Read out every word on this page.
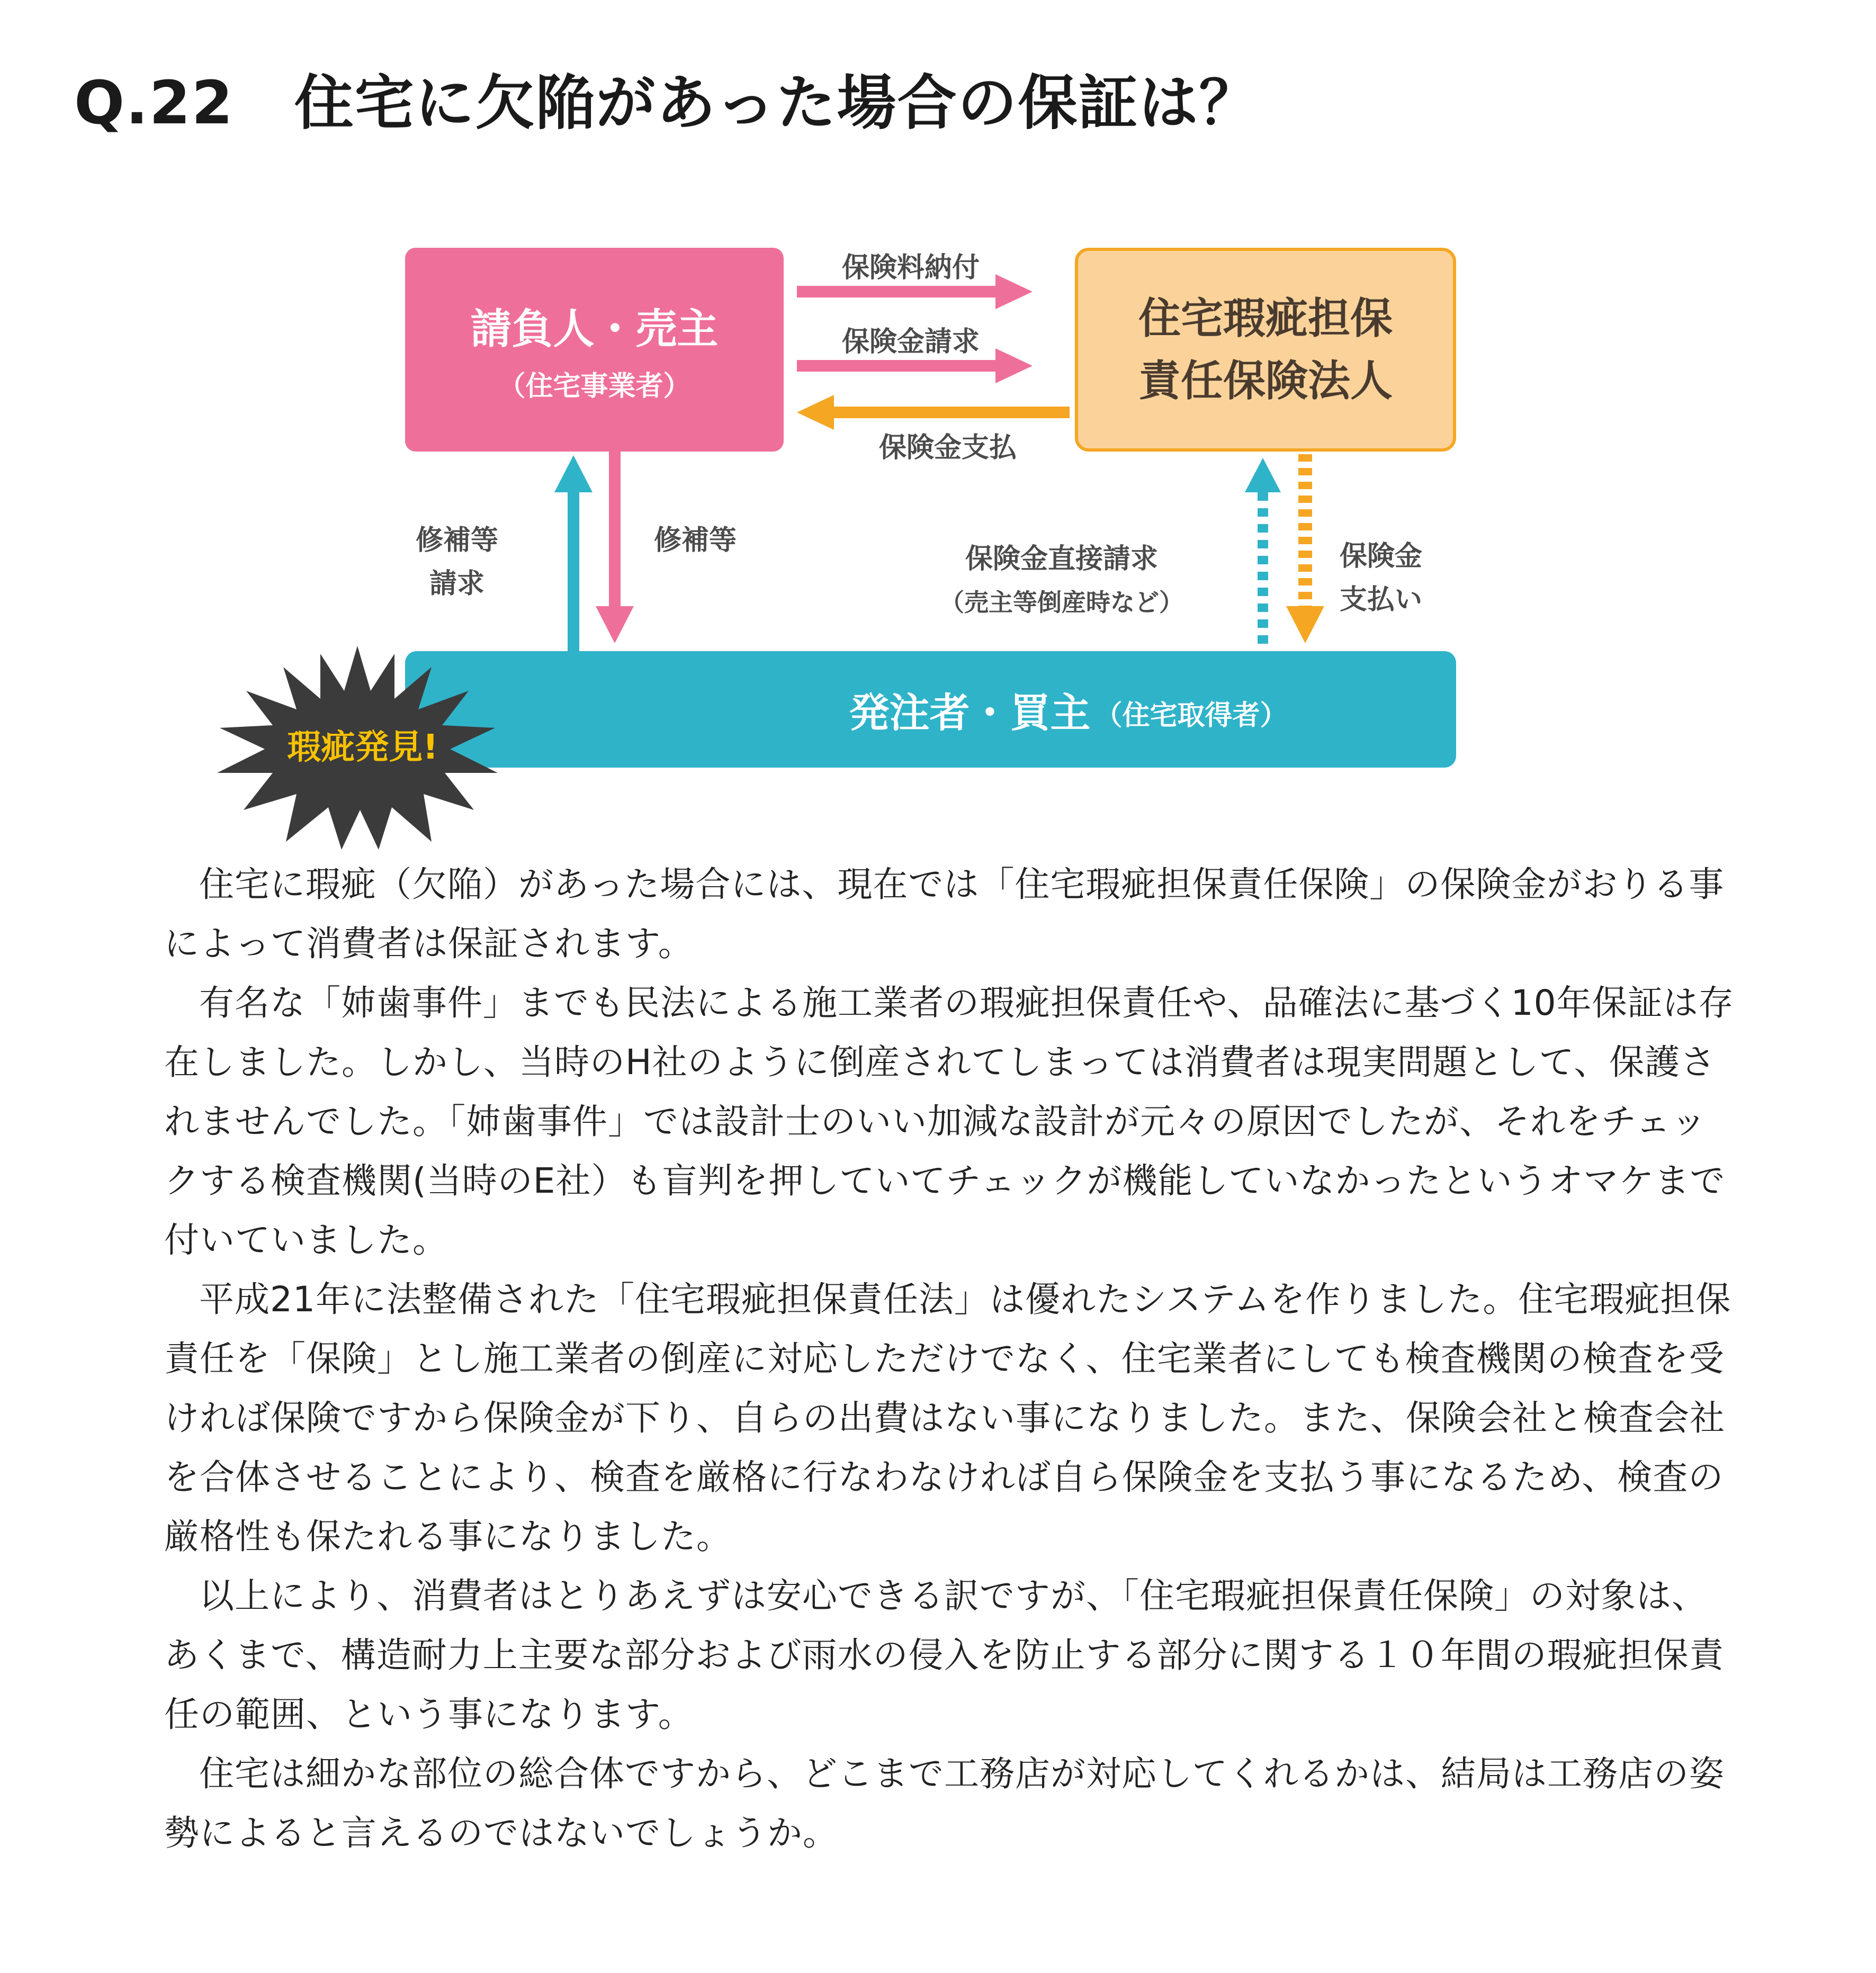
Q.22　住宅に欠陥があった場合の保証は？
請負人・売主
（住宅事業者）
住宅瑕疵担保
責任保険法人
発注者・買主 （住宅取得者）
瑕疵発見!
保険料納付
保険金請求
保険金支払
修補等
請求
修補等
保険金直接請求
（売主等倒産時など）
保険金
支払い

住宅に瑕疵（欠陥）があった場合には、現在では「住宅瑕疵担保責任保険」の保険金がおりる事によって消費者は保証されます。

有名な「姉歯事件」までも民法による施工業者の瑕疵担保責任や、品確法に基づく10年保証は存在しました。しかし、当時のH社のように倒産されてしまっては消費者は現実問題として、保護されませんでした。「姉歯事件」では設計士のいい加減な設計が元々の原因でしたが、それをチェックする検査機関(当時のE社）も盲判を押していてチェックが機能していなかったというオマケまで付いていました。

平成21年に法整備された「住宅瑕疵担保責任法」は優れたシステムを作りました。住宅瑕疵担保責任を「保険」とし施工業者の倒産に対応しただけでなく、住宅業者にしても検査機関の検査を受ければ保険ですから保険金が下り、自らの出費はない事になりました。また、保険会社と検査会社を合体させることにより、検査を厳格に行なわなければ自ら保険金を支払う事になるため、検査の厳格性も保たれる事になりました。

以上により、消費者はとりあえずは安心できる訳ですが、「住宅瑕疵担保責任保険」の対象は、あくまで、構造耐力上主要な部分および雨水の侵入を防止する部分に関する１０年間の瑕疵担保責任の範囲、という事になります。

住宅は細かな部位の総合体ですから、どこまで工務店が対応してくれるかは、結局は工務店の姿勢によると言えるのではないでしょうか。
